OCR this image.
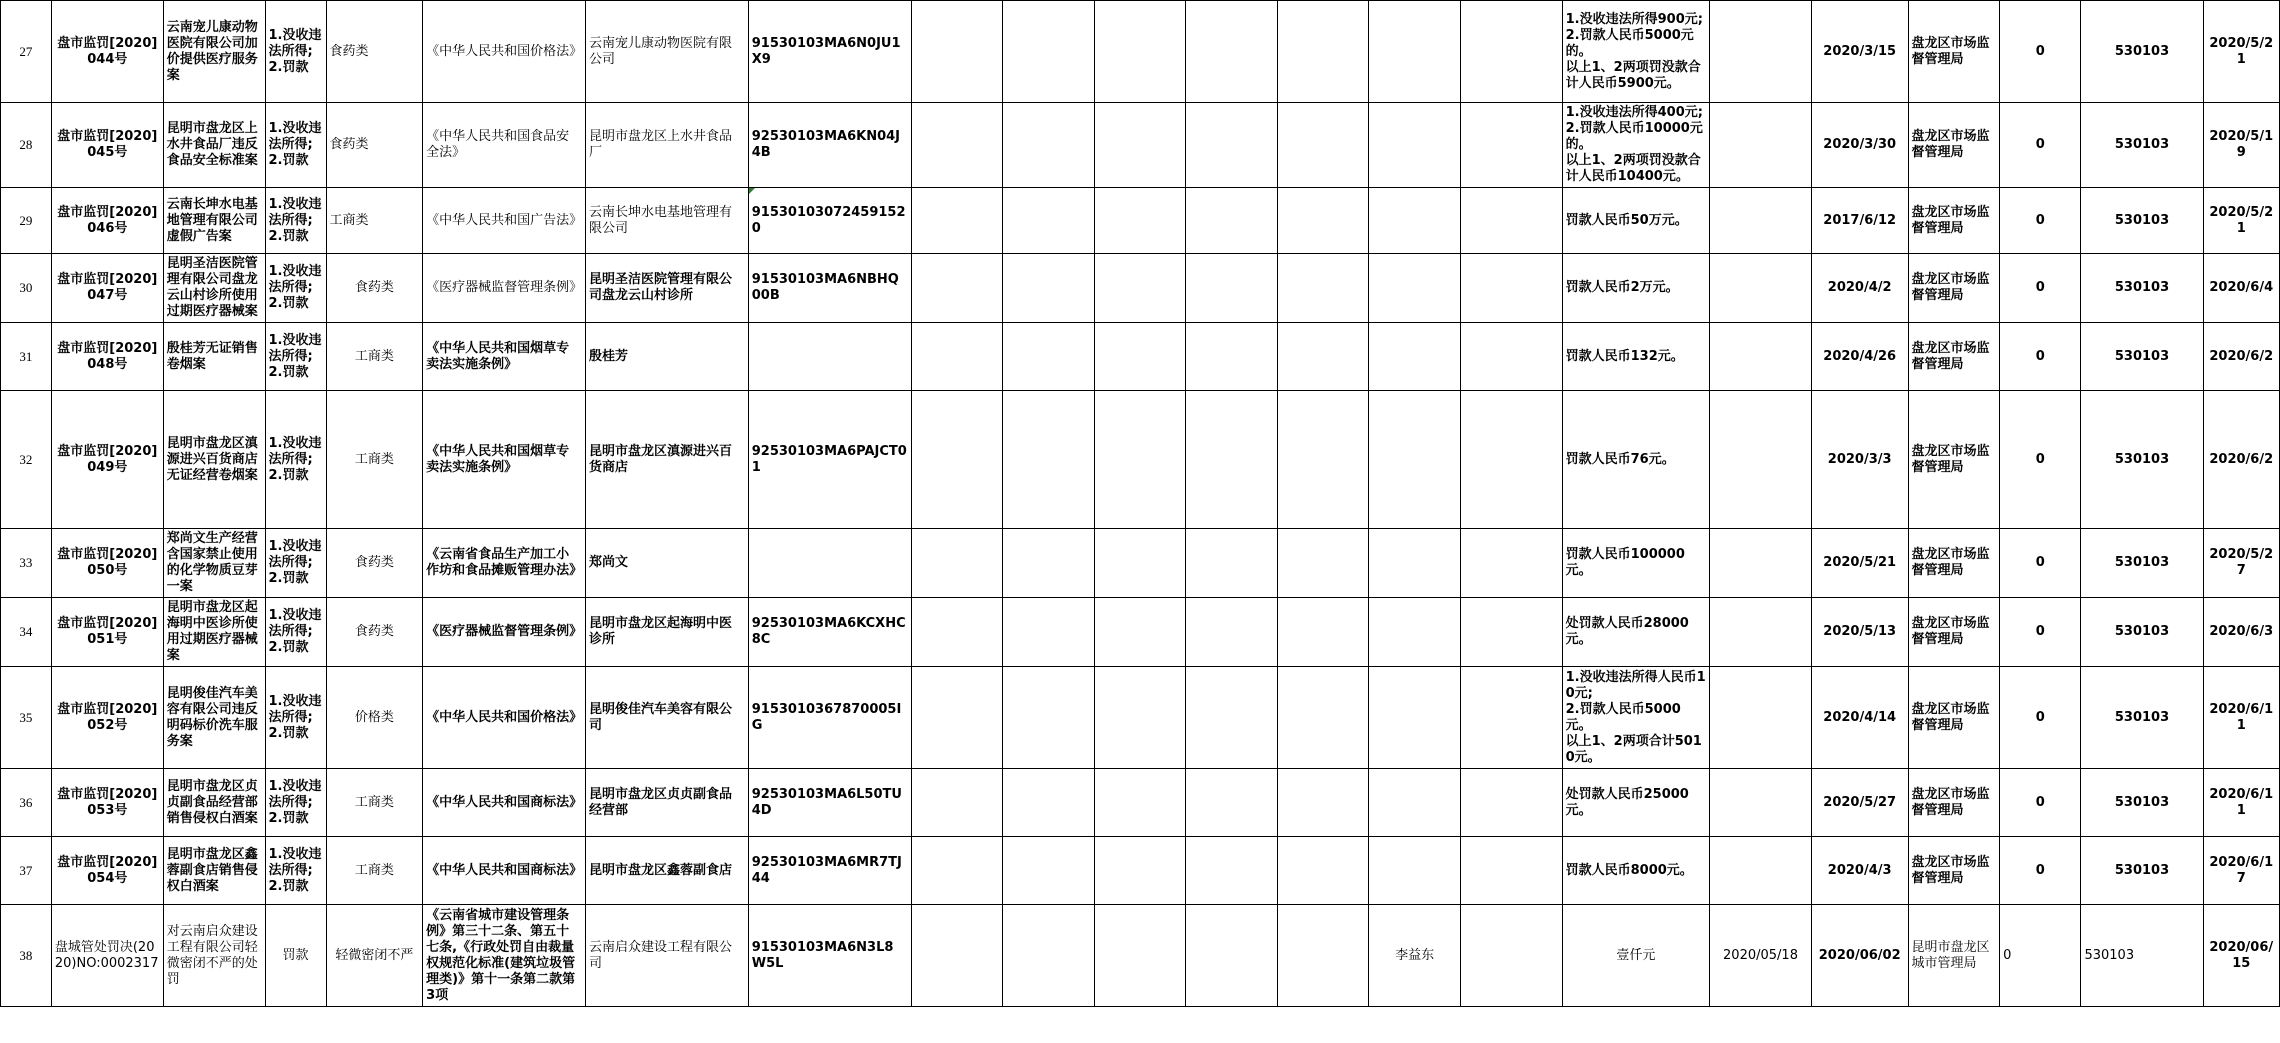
27	盘市监罚[2020]044号	云南宠儿康动物医院有限公司加价提供医疗服务案	1.没收违法所得;2.罚款	食药类	《中华人民共和国价格法》	云南宠儿康动物医院有限公司	91530103MA6N0JU1X9								1.没收违法所得900元;
2.罚款人民币5000元的。
以上1、2两项罚没款合计人民币5900元。		2020/3/15	盘龙区市场监督管理局	0	530103	2020/5/21
28	盘市监罚[2020]045号	昆明市盘龙区上水井食品厂违反食品安全标准案	1.没收违法所得;2.罚款	食药类	《中华人民共和国食品安全法》	昆明市盘龙区上水井食品厂	92530103MA6KN04J4B								1.没收违法所得400元;
2.罚款人民币10000元的。
以上1、2两项罚没款合计人民币10400元。		2020/3/30	盘龙区市场监督管理局	0	530103	2020/5/19
29	盘市监罚[2020]046号	云南长坤水电基地管理有限公司虚假广告案	1.没收违法所得;2.罚款	工商类	《中华人民共和国广告法》	云南长坤水电基地管理有限公司	915301030724591520								罚款人民币50万元。		2017/6/12	盘龙区市场监督管理局	0	530103	2020/5/21
30	盘市监罚[2020]047号	昆明圣洁医院管理有限公司盘龙云山村诊所使用过期医疗器械案	1.没收违法所得;2.罚款	食药类	《医疗器械监督管理条例》	昆明圣洁医院管理有限公司盘龙云山村诊所	91530103MA6NBHQ00B								罚款人民币2万元。		2020/4/2	盘龙区市场监督管理局	0	530103	2020/6/4
31	盘市监罚[2020]048号	殷桂芳无证销售卷烟案	1.没收违法所得;2.罚款	工商类	《中华人民共和国烟草专卖法实施条例》	殷桂芳									罚款人民币132元。		2020/4/26	盘龙区市场监督管理局	0	530103	2020/6/2
32	盘市监罚[2020]049号	昆明市盘龙区滇源进兴百货商店无证经营卷烟案	1.没收违法所得;2.罚款	工商类	《中华人民共和国烟草专卖法实施条例》	昆明市盘龙区滇源进兴百货商店	92530103MA6PAJCT01								罚款人民币76元。		2020/3/3	盘龙区市场监督管理局	0	530103	2020/6/2
33	盘市监罚[2020]050号	郑尚文生产经营含国家禁止使用的化学物质豆芽一案	1.没收违法所得;2.罚款	食药类	《云南省食品生产加工小作坊和食品摊贩管理办法》	郑尚文									罚款人民币100000元。		2020/5/21	盘龙区市场监督管理局	0	530103	2020/5/27
34	盘市监罚[2020]051号	昆明市盘龙区起海明中医诊所使用过期医疗器械案	1.没收违法所得;2.罚款	食药类	《医疗器械监督管理条例》	昆明市盘龙区起海明中医诊所	92530103MA6KCXHC8C								处罚款人民币28000元。		2020/5/13	盘龙区市场监督管理局	0	530103	2020/6/3
35	盘市监罚[2020]052号	昆明俊佳汽车美容有限公司违反明码标价洗车服务案	1.没收违法所得;2.罚款	价格类	《中华人民共和国价格法》	昆明俊佳汽车美容有限公司	9153010367870005IG								1.没收违法所得人民币10元;
2.罚款人民币5000元。
以上1、2两项合计5010元。		2020/4/14	盘龙区市场监督管理局	0	530103	2020/6/11
36	盘市监罚[2020]053号	昆明市盘龙区贞贞副食品经营部销售侵权白酒案	1.没收违法所得;2.罚款	工商类	《中华人民共和国商标法》	昆明市盘龙区贞贞副食品经营部	92530103MA6L50TU4D								处罚款人民币25000元。		2020/5/27	盘龙区市场监督管理局	0	530103	2020/6/11
37	盘市监罚[2020]054号	昆明市盘龙区鑫蓉副食店销售侵权白酒案	1.没收违法所得;2.罚款	工商类	《中华人民共和国商标法》	昆明市盘龙区鑫蓉副食店	92530103MA6MR7TJ44								罚款人民币8000元。		2020/4/3	盘龙区市场监督管理局	0	530103	2020/6/17
38	盘城管处罚决(2020)NO:0002317	对云南启众建设工程有限公司轻微密闭不严的处罚	罚款	轻微密闭不严	《云南省城市建设管理条例》第三十二条、第五十七条,《行政处罚自由裁量权规范化标准(建筑垃圾管理类)》第十一条第二款第3项	云南启众建设工程有限公司	91530103MA6N3L8W5L						李益东		壹仟元	2020/05/18	2020/06/02	昆明市盘龙区城市管理局	0	530103	2020/06/15
